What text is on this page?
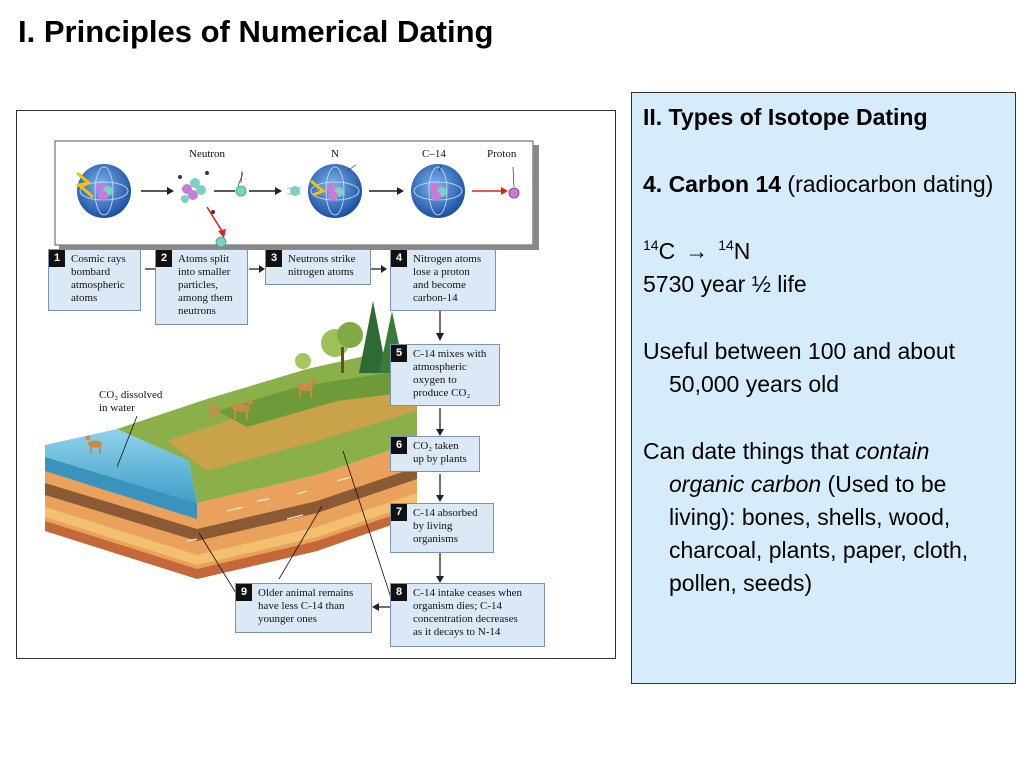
I. Principles of Numerical Dating
Neutron	N	C–14	Proton
CO₂ dissolved
in water
1 Cosmic rays
bombard
atmospheric
atoms
2 Atoms split
into smaller
particles,
among them
neutrons
3 Neutrons strike
nitrogen atoms
4 Nitrogen atoms
lose a proton
and become
carbon-14
5 C-14 mixes with
atmospheric
oxygen to
produce CO₂
6 CO₂ taken
up by plants
7 C-14 absorbed
by living
organisms
8 C-14 intake ceases when
organism dies; C-14
concentration decreases
as it decays to N-14
9 Older animal remains
have less C-14 than
younger ones

II. Types of Isotope Dating

4. Carbon 14 (radiocarbon dating)

$^{14}$C → $^{14}$N

5730 year ½ life

Useful between 100 and about 50,000 years old

Can date things that contain organic carbon (Used to be living): bones, shells, wood, charcoal, plants, paper, cloth, pollen, seeds)
